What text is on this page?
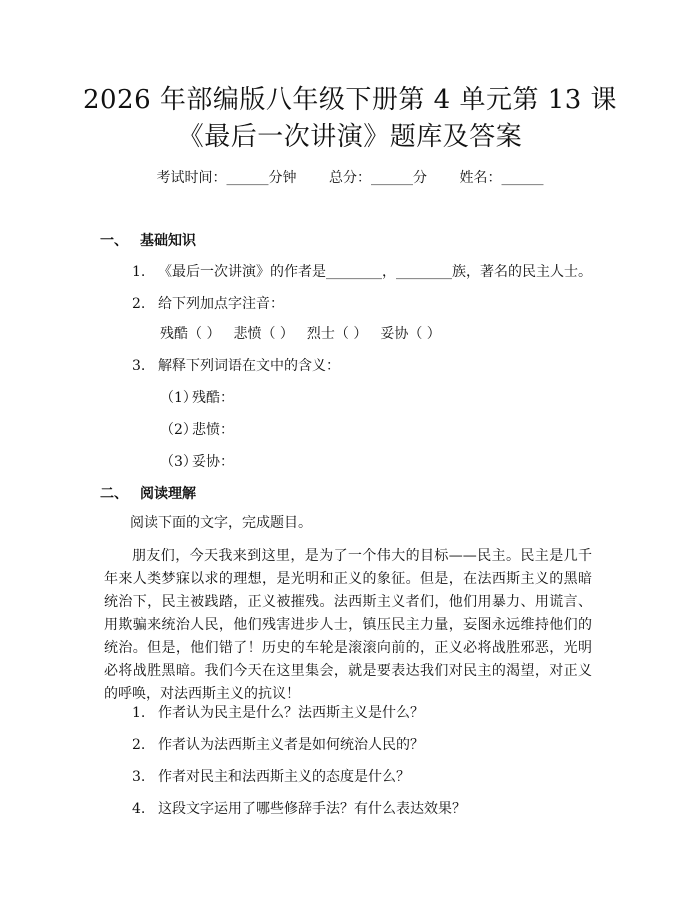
2026 年部编版八年级下册第 4 单元第 13 课
《最后一次讲演》题库及答案
考试时间：______分钟 总分：______分 姓名：______
一、 基础知识
1. 《最后一次讲演》的作者是________，________族，著名的民主人士。
2. 给下列加点字注音：
残酷（ ） 悲愤（ ） 烈士（ ） 妥协（ ）
3. 解释下列词语在文中的含义：
（1）残酷：
（2）悲愤：
（3）妥协：
二、 阅读理解
阅读下面的文字，完成题目。
朋友们，今天我来到这里，是为了一个伟大的目标——民主。民主是几千年来人类梦寐以求的理想，是光明和正义的象征。但是，在法西斯主义的黑暗统治下，民主被践踏，正义被摧残。法西斯主义者们，他们用暴力、用谎言、用欺骗来统治人民，他们残害进步人士，镇压民主力量，妄图永远维持他们的统治。但是，他们错了！历史的车轮是滚滚向前的，正义必将战胜邪恶，光明必将战胜黑暗。我们今天在这里集会，就是要表达我们对民主的渴望，对正义的呼唤，对法西斯主义的抗议！
1. 作者认为民主是什么？法西斯主义是什么？
2. 作者认为法西斯主义者是如何统治人民的？
3. 作者对民主和法西斯主义的态度是什么？
4. 这段文字运用了哪些修辞手法？有什么表达效果？
